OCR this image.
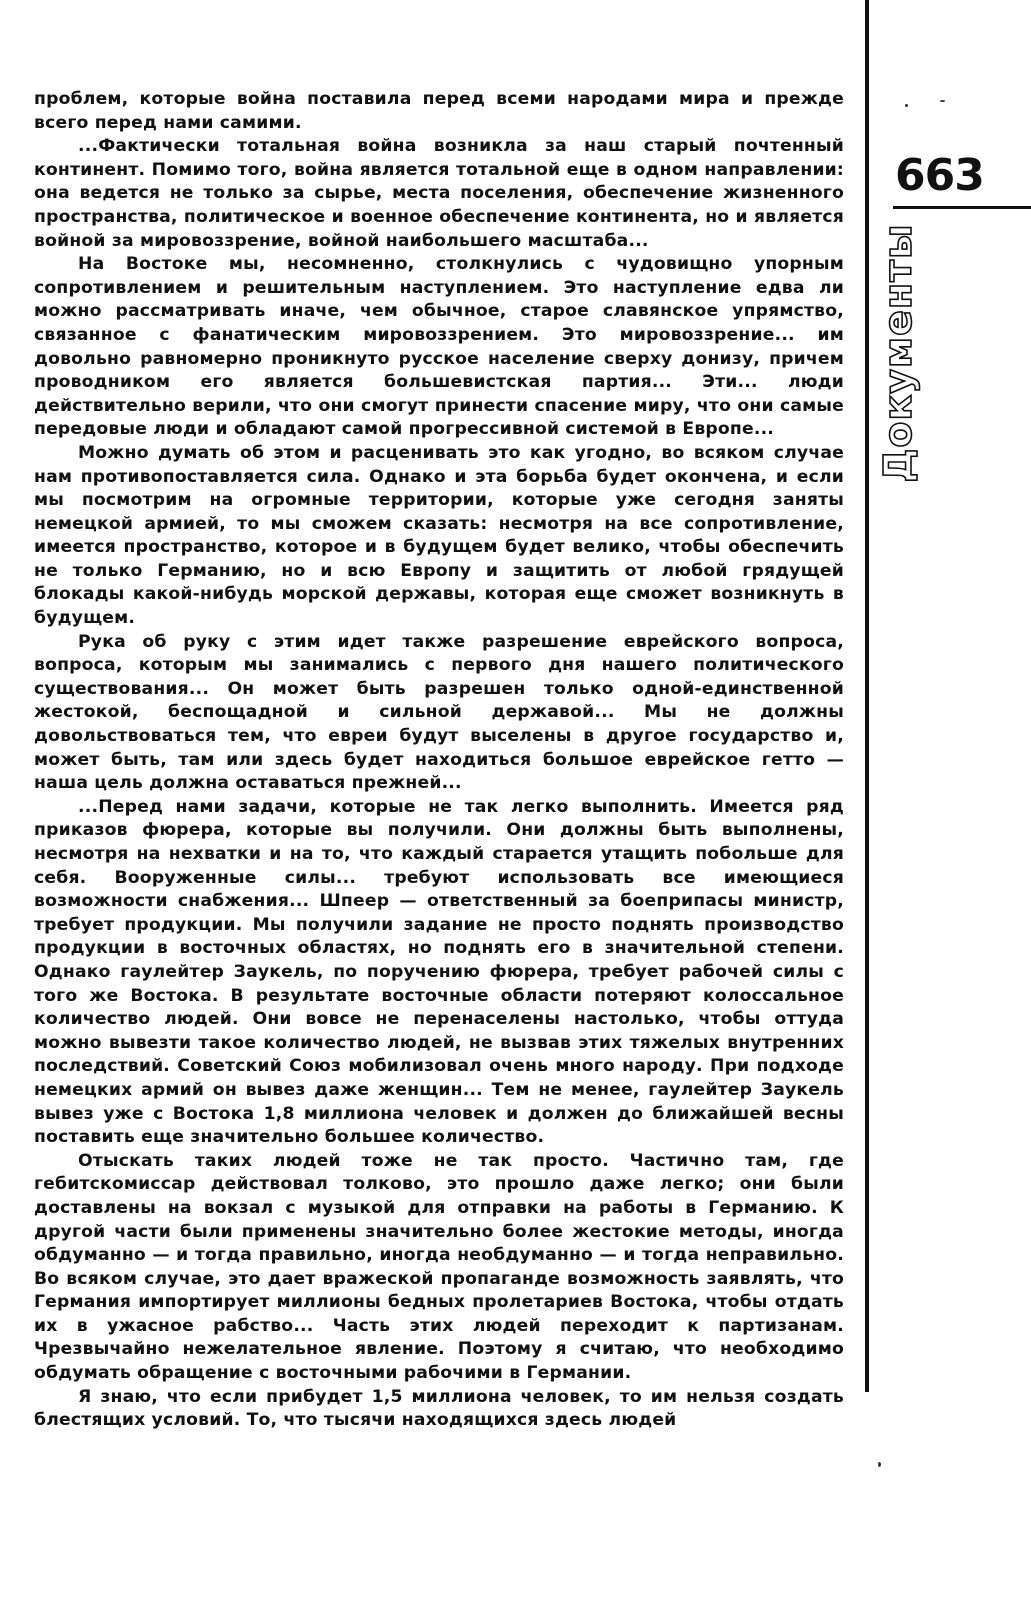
проблем, которые война поставила перед всеми народами мира и прежде всего перед нами самими.

...Фактически тотальная война возникла за наш старый почтенный континент. Помимо того, война является тотальной еще в одном направлении: она ведется не только за сырье, места поселения, обеспечение жизненного пространства, политическое и военное обеспечение континента, но и является войной за мировоззрение, войной наибольшего масштаба...

На Востоке мы, несомненно, столкнулись с чудовищно упорным сопротивлением и решительным наступлением. Это наступление едва ли можно рассматривать иначе, чем обычное, старое славянское упрямство, связанное с фанатическим мировоззрением. Это мировоззрение... им довольно равномерно проникнуто русское население сверху донизу, причем проводником его является большевистская партия... Эти... люди действительно верили, что они смогут принести спасение миру, что они самые передовые люди и обладают самой прогрессивной системой в Европе...

Можно думать об этом и расценивать это как угодно, во всяком случае нам противопоставляется сила. Однако и эта борьба будет окончена, и если мы посмотрим на огромные территории, которые уже сегодня заняты немецкой армией, то мы сможем сказать: несмотря на все сопротивление, имеется пространство, которое и в будущем будет велико, чтобы обеспечить не только Германию, но и всю Европу и защитить от любой грядущей блокады какой-нибудь морской державы, которая еще сможет возникнуть в будущем.

Рука об руку с этим идет также разрешение еврейского вопроса, вопроса, которым мы занимались с первого дня нашего политического существования... Он может быть разрешен только одной-единственной жестокой, беспощадной и сильной державой... Мы не должны довольствоваться тем, что евреи будут выселены в другое государство и, может быть, там или здесь будет находиться большое еврейское гетто — наша цель должна оставаться прежней...

...Перед нами задачи, которые не так легко выполнить. Имеется ряд приказов фюрера, которые вы получили. Они должны быть выполнены, несмотря на нехватки и на то, что каждый старается утащить побольше для себя. Вооруженные силы... требуют использовать все имеющиеся возможности снабжения... Шпеер — ответственный за боеприпасы министр, требует продукции. Мы получили задание не просто поднять производство продукции в восточных областях, но поднять его в значительной степени. Однако гаулейтер Заукель, по поручению фюрера, требует рабочей силы с того же Востока. В результате восточные области потеряют колоссальное количество людей. Они вовсе не перенаселены настолько, чтобы оттуда можно вывезти такое количество людей, не вызвав этих тяжелых внутренних последствий. Советский Союз мобилизовал очень много народу. При подходе немецких армий он вывез даже женщин... Тем не менее, гаулейтер Заукель вывез уже с Востока 1,8 миллиона человек и должен до ближайшей весны поставить еще значительно большее количество.

Отыскать таких людей тоже не так просто. Частично там, где гебитскомиссар действовал толково, это прошло даже легко; они были доставлены на вокзал с музыкой для отправки на работы в Германию. К другой части были применены значительно более жестокие методы, иногда обдуманно — и тогда правильно, иногда необдуманно — и тогда неправильно. Во всяком случае, это дает вражеской пропаганде возможность заявлять, что Германия импортирует миллионы бедных пролетариев Востока, чтобы отдать их в ужасное рабство... Часть этих людей переходит к партизанам. Чрезвычайно нежелательное явление. Поэтому я считаю, что необходимо обдумать обращение с восточными рабочими в Германии.

Я знаю, что если прибудет 1,5 миллиона человек, то им нельзя создать блестящих условий. То, что тысячи находящихся здесь людей

663
Документы
